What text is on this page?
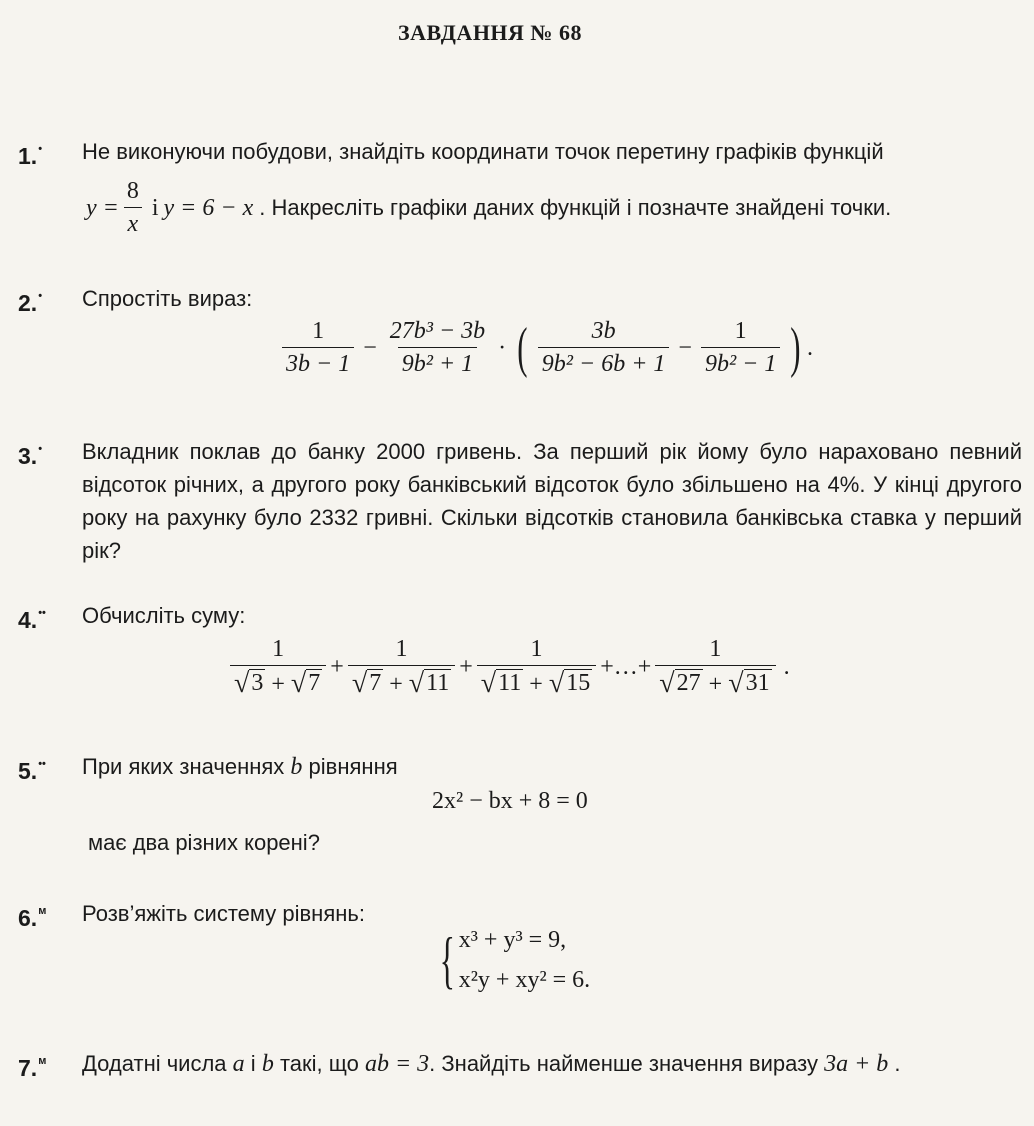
ЗАВДАННЯ № 68
1.• Не виконуючи побудови, знайдіть координати точок перетину графіків функцій
$y = \frac{8}{x}$ і y = 6 − x . Накресліть графіки даних функцій і позначте знайдені точки.
2.• Спростіть вираз:
$\frac{1}{3b - 1} - \frac{\text{27b³ − 3b}}{\text{9b² + 1}}$ · ( $\frac{3b}{\text{9b² − 6b + 1}} - \frac{1}{\text{9b² − 1}}$ ) .
3.• Вкладник поклав до банку 2000 гривень. За перший рік йому було нараховано певний відсоток річних, а другого року банківський відсоток було збільшено на 4%. У кінці другого року на рахунку було 2332 гривні. Скільки відсотків становила банківська ставка у перший рік?
4.•• Обчисліть суму:
$\frac{1}{√ 3 + √ 7} + \frac{1}{√ 7 + √ 11} + \frac{1}{√ 11 + √ 15}$ +…+ $\frac{1}{√ 27 + √ 31}$ .
5.•• При яких значеннях b рівняння
2x² − bx + 8 = 0
має два різних корені?
6.$^м$ Розв’яжіть систему рівнянь:
{ x³ + y³ = 9,
x²y + xy² = 6.
7.$^м$ Додатні числа a і b такі, що ab = 3. Знайдіть найменше значення виразу 3a + b .
